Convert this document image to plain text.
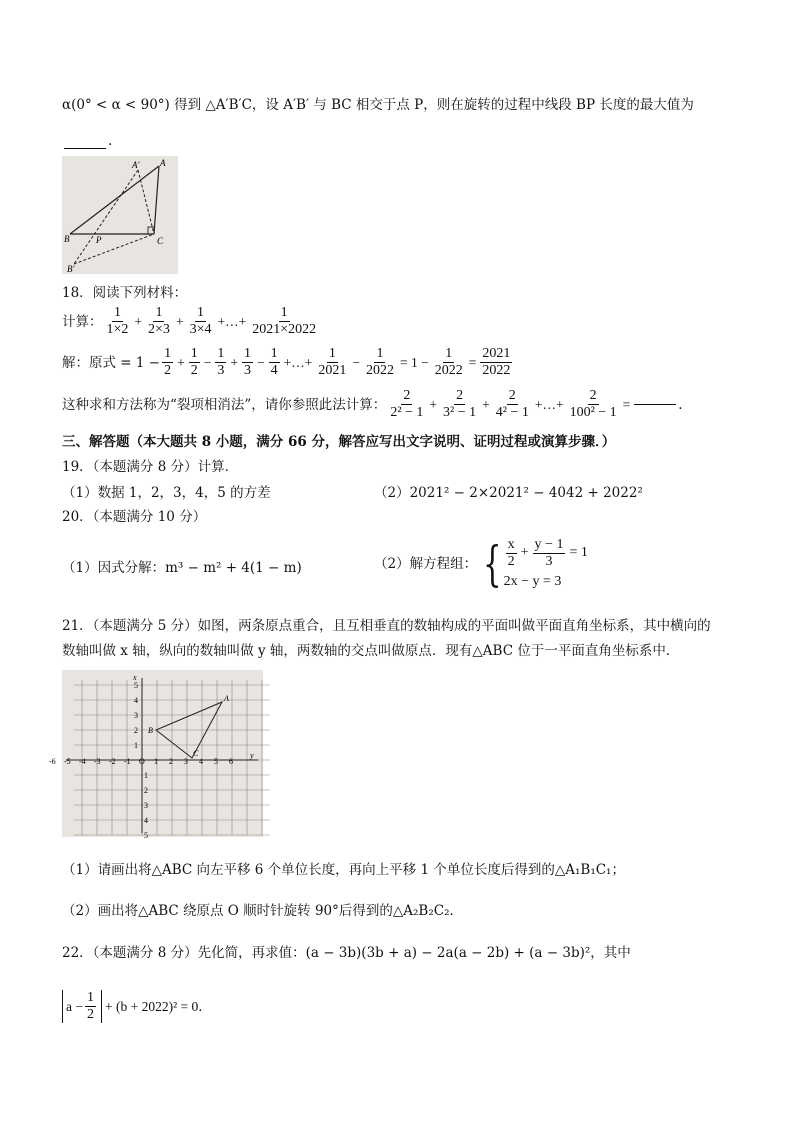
α(0° < α < 90°) 得到 △A′B′C，设 A′B′ 与 BC 相交于点 P，则在旋转的过程中线段 BP 长度的最大值为
.
A
A′
B	P	C
B′
18．阅读下列材料：
计算： $\frac{1}{1\times 2} + \frac{1}{2\times 3} + \frac{1}{3\times 4}$ +…+ $\frac{1}{2021\times 2022}$
解：原式 = $1 - \frac{1}{2} + \frac{1}{2} - \frac{1}{3} + \frac{1}{3} - \frac{1}{4}$ +…+ $\frac{1}{2021} - \frac{1}{2022} = 1 - \frac{1}{2022} = \frac{2021}{2022}$
这种求和方法称为“裂项相消法”，请你参照此法计算： $\frac{2}{\text{2² − 1}} + \frac{2}{\text{3² − 1}} + \frac{2}{\text{4² − 1}}$ +…+ $\frac{2}{\text{100² − 1}}$ =	.
三、解答题（本大题共 8 小题，满分 66 分，解答应写出文字说明、证明过程或演算步骤．）
19．（本题满分 8 分）计算．
（1）数据 1，2，3，4，5 的方差	（2）2021² − 2×2021² − 4042 + 2022²
20．（本题满分 10 分）
（1）因式分解：m³ − m² + 4(1 − m)	（2）解方程组： { $\frac{x}{2} + \frac{y - 1}{3} = 1$
2x − y = 3
21．（本题满分 5 分）如图，两条原点重合，且互相垂直的数轴构成的平面叫做平面直角坐标系，其中横向的
数轴叫做 x 轴，纵向的数轴叫做 y 轴，两数轴的交点叫做原点．现有△ABC 位于一平面直角坐标系中．
-6 -5 -4 -3 -2 -1 O 1 2 3 4 5 6
5
4
3
2
1
1
2
3
4
5
y
x
A
B
C
（1）请画出将△ABC 向左平移 6 个单位长度，再向上平移 1 个单位长度后得到的△A₁B₁C₁；
（2）画出将△ABC 绕原点 O 顺时针旋转 90°后得到的△A₂B₂C₂．
22．（本题满分 8 分）先化简，再求值：(a − 3b)(3b + a) − 2a(a − 2b) + (a − 3b)²，其中
$a - \frac{1}{2} + (b + 2022)^2 = 0$．
